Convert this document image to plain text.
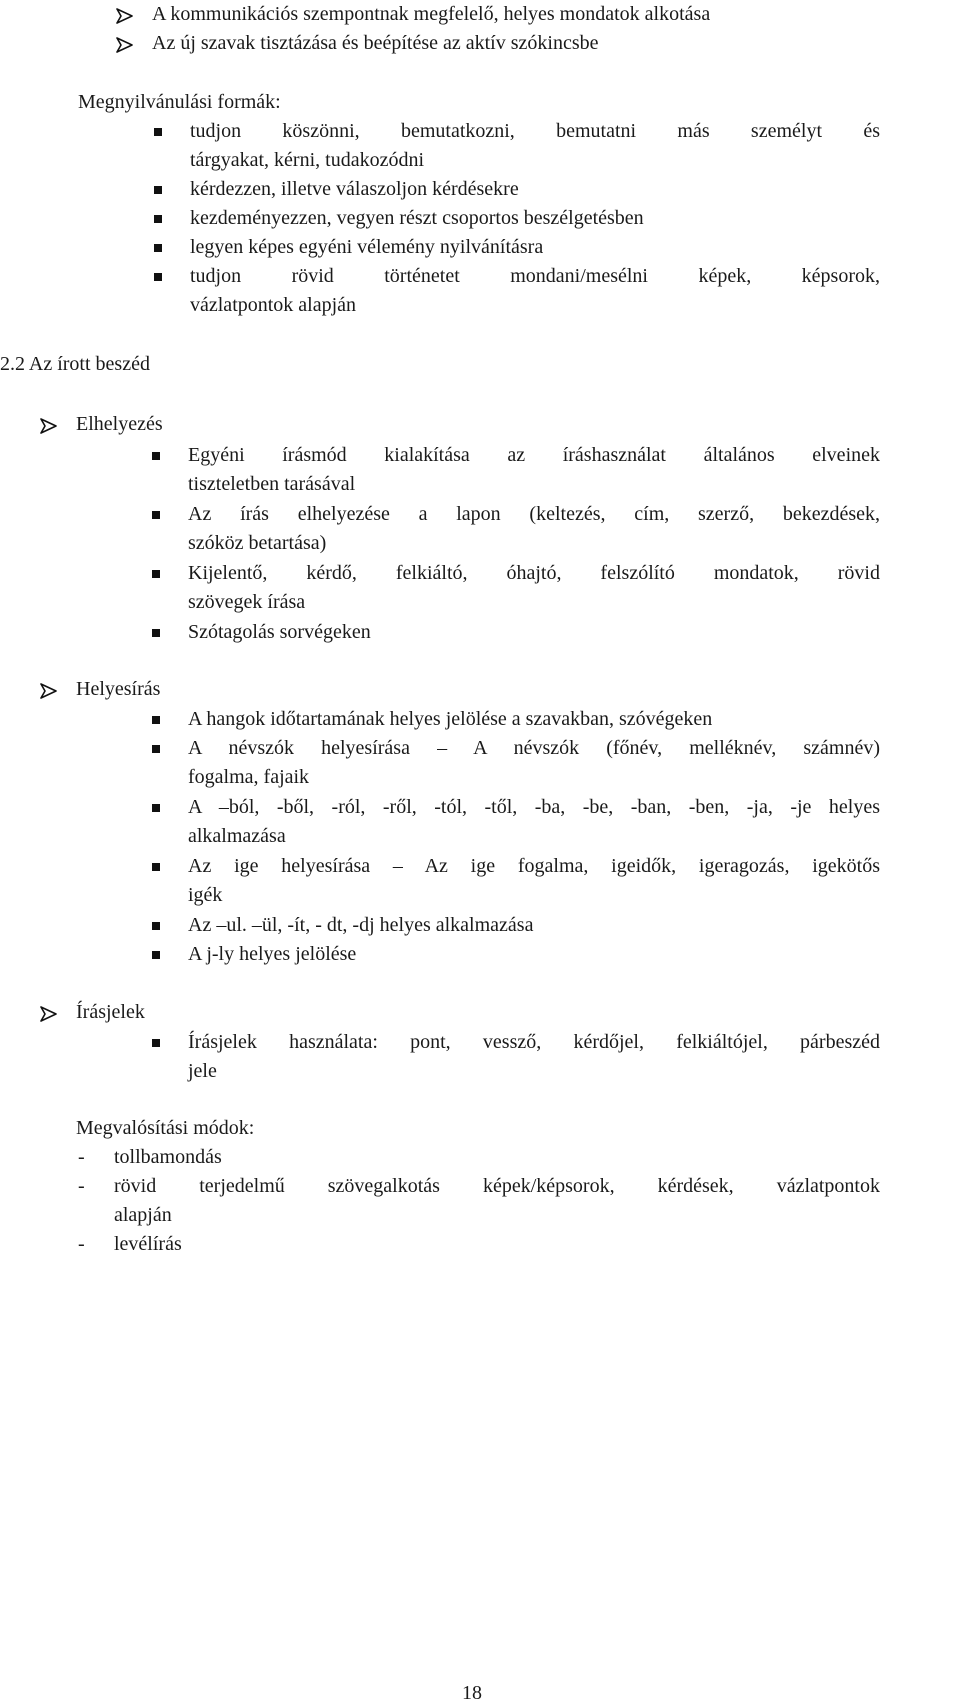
A kommunikációs szempontnak megfelelő, helyes mondatok alkotása
Az új szavak tisztázása és beépítése az aktív szókincsbe
Megnyilvánulási formák:
tudjon köszönni, bemutatkozni, bemutatni más személyt és
tárgyakat, kérni, tudakozódni
kérdezzen, illetve válaszoljon kérdésekre
kezdeményezzen, vegyen részt csoportos beszélgetésben
legyen képes egyéni vélemény nyilvánításra
tudjon rövid történetet mondani/mesélni képek, képsorok,
vázlatpontok alapján
2.2 Az írott beszéd
Elhelyezés
Egyéni írásmód kialakítása az íráshasználat általános elveinek
tiszteletben tarásával
Az írás elhelyezése a lapon (keltezés, cím, szerző, bekezdések,
szóköz betartása)
Kijelentő, kérdő, felkiáltó, óhajtó, felszólító mondatok, rövid
szövegek írása
Szótagolás sorvégeken
Helyesírás
A hangok időtartamának helyes jelölése a szavakban, szóvégeken
A névszók helyesírása – A névszók (főnév, melléknév, számnév)
fogalma, fajaik
A –ból, -ből, -ról, -ről, -tól, -től, -ba, -be, -ban, -ben, -ja, -je helyes
alkalmazása
Az ige helyesírása – Az ige fogalma, igeidők, igeragozás, igekötős
igék
Az –ul. –ül, -ít, - dt, -dj helyes alkalmazása
A j-ly helyes jelölése
Írásjelek
Írásjelek használata: pont, vessző, kérdőjel, felkiáltójel, párbeszéd
jele
Megvalósítási módok:
- tollbamondás
- rövid terjedelmű szövegalkotás képek/képsorok, kérdések, vázlatpontok
alapján
- levélírás
18
